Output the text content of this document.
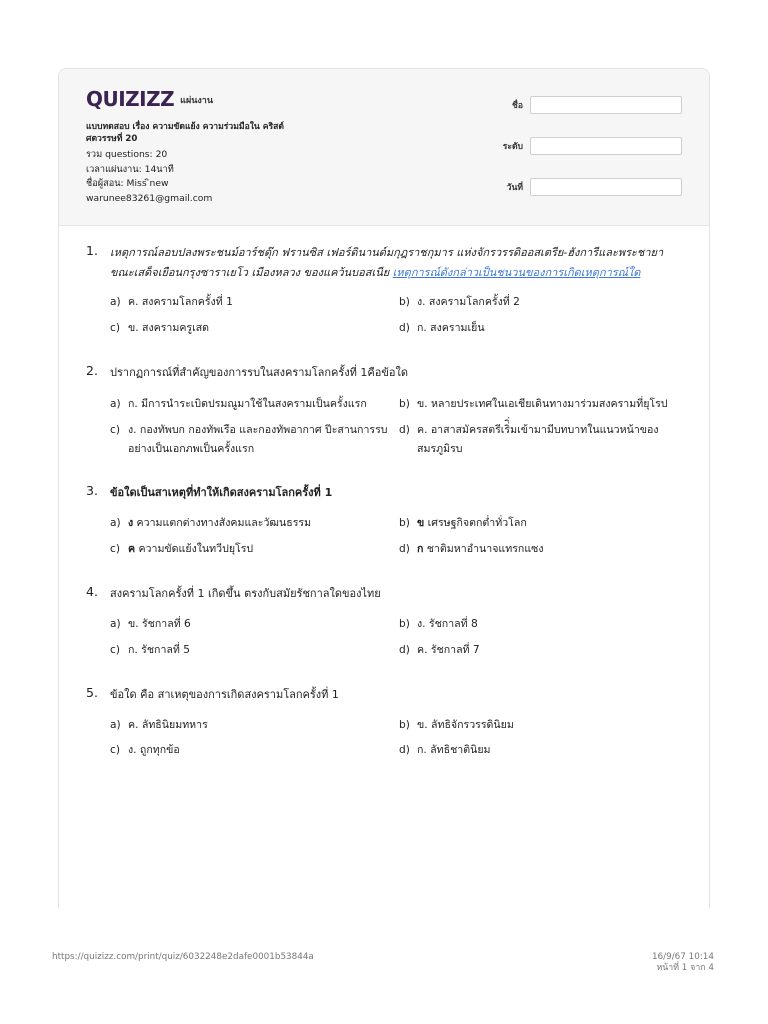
QUIZIZZ แผ่นงาน
แบบทดสอบ เรื่อง ความขัดแย้ง ความร่วมมือใน คริสต์ศตวรรษที่ 20
รวม questions: 20
เวลาแผ่นงาน: 14นาที
ชื่อผู้สอน: Miss ิnew
warunee83261@gmail.com
ชื่อ
ระดับ
วันที่
1. เหตุการณ์ลอบปลงพระชนม์อาร์ชดุ๊ก ฟรานซิส เฟอร์ดินานด์มกุฎราชกุมาร แห่งจักรวรรดิออสเตรีย-ฮังการีและพระชายา ขณะเสด็จเยือนกรุงซาราเยโว เมืองหลวง ของแคว้นบอสเนีย เหตุการณ์ดังกล่าวเป็นชนวนของการเกิดเหตุการณ์ใด
a) ค. สงครามโลกครั้งที่ 1	b) ง. สงครามโลกครั้งที่ 2
c) ข. สงครามครูเสด	d) ก. สงครามเย็น
2. ปรากฏการณ์ที่สำคัญของการรบในสงครามโลกครั้งที่ 1คือข้อใด
a) ก. มีการนำระเบิดปรมณูมาใช้ในสงครามเป็นครั้งแรก	b) ข. หลายประเทศในเอเชียเดินทางมาร่วมสงครามที่ยุโรป
c) ง. กองทัพบก กองทัพเรือ และกองทัพอากาศ ปีะสานการรบอย่างเป็นเอกภพเป็นครั้งแรก
d) ค. อาสาสมัครสตรีเริ่ิ่มเข้ามามีบทบาทในแนวหน้าของสมรภูมิรบ
3. ข้อใดเป็นสาเหตุที่ทำให้เกิดสงครามโลกครั้งที่ 1
a) ง ความแตกต่างทางสังคมและวัฒนธรรม	b) ข เศรษฐกิจตกต่ำทั่วโลก
c) ค ความขัดแย้งในทวีปยุโรป	d) ก ชาติมหาอำนาจแทรกแซง
4. สงครามโลกครั้งที่ 1 เกิดขึ้น ตรงกับสมัยรัชกาลใดของไทย
a) ข. รัชกาลที่ 6	b) ง. รัชกาลที่ 8
c) ก. รัชกาลที่ 5	d) ค. รัชกาลที่ 7
5. ข้อใด คือ สาเหตุของการเกิดสงครามโลกครั้งที่ 1
a) ค. ลัทธินิยมทหาร	b) ข. ลัทธิจักรวรรดินิยม
c) ง. ถูกทุกข้อ	d) ก. ลัทธิชาตินิยม
https://quizizz.com/print/quiz/6032248e2dafe0001b53844a	16/9/67 10:14
หน้าที่ 1 จาก 4
